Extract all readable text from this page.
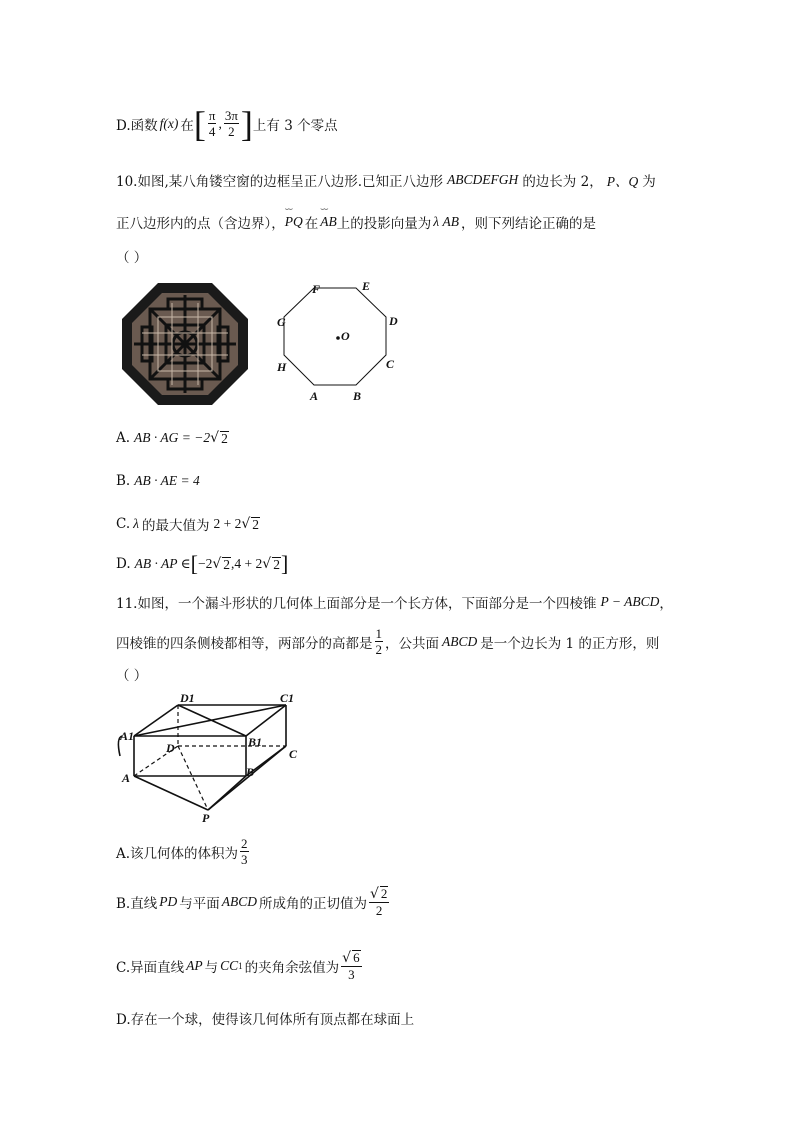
D.函数 f(x) 在 [ $\frac{\pi}{4}$ , $\frac{3\pi}{2}$ ] 上有 3 个零点
10.如图,某八角镂空窗的边框呈正八边形.已知正八边形 ABCDEFGH 的边长为 2， P、Q 为
正八边形内的点（含边界）， ⌣⌣ PQ 在 ⌣⌣ AB 上的投影向量为 λ AB ，则下列结论正确的是
（ ）
A	B
C
D
E
F
G
H
O
A. AB · AG = −2 √ 2
B. AB · AE = 4
C. λ 的最大值为 2 + 2 √ 2
D. AB · AP ∈ [ −2 √ 2 ,4 + 2 √ 2 ]
11.如图，一个漏斗形状的几何体上面部分是一个长方体，下面部分是一个四棱锥 P − ABCD ，
四棱锥的四条侧棱都相等，两部分的高都是 $\frac{1}{2}$ ，公共面 ABCD 是一个边长为 1 的正方形，则
（ ）
D1	C1
A1	B1
D	C
A	B
P
A.该几何体的体积为 $\frac{2}{3}$
B.直线 PD 与平面 ABCD 所成角的正切值为 $\frac{√ 2}{2}$
C.异面直线 AP 与 CC 1 的夹角余弦值为 $\frac{√ 6}{3}$
D.存在一个球，使得该几何体所有顶点都在球面上
